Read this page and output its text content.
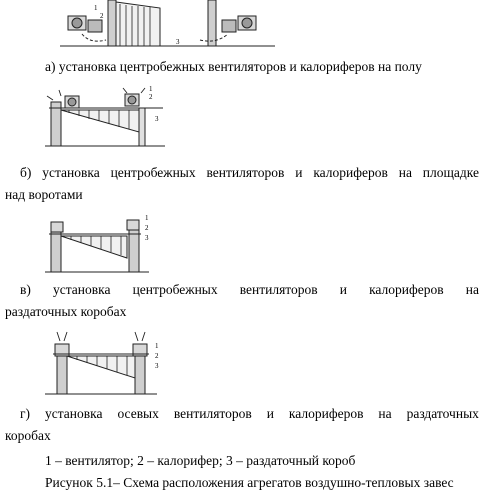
1
2
3
а) установка центробежных вентиляторов и калориферов на полу
1
2
3
б) установка центробежных вентиляторов и калориферов на площадке
над воротами
1
2
3
в) установка центробежных вентиляторов и калориферов на
раздаточных коробах
1
2
3
г) установка осевых вентиляторов и калориферов на раздаточных
коробах
1 – вентилятор; 2 – калорифер; 3 – раздаточный короб
Рисунок 5.1– Схема расположения агрегатов воздушно-тепловых завес
